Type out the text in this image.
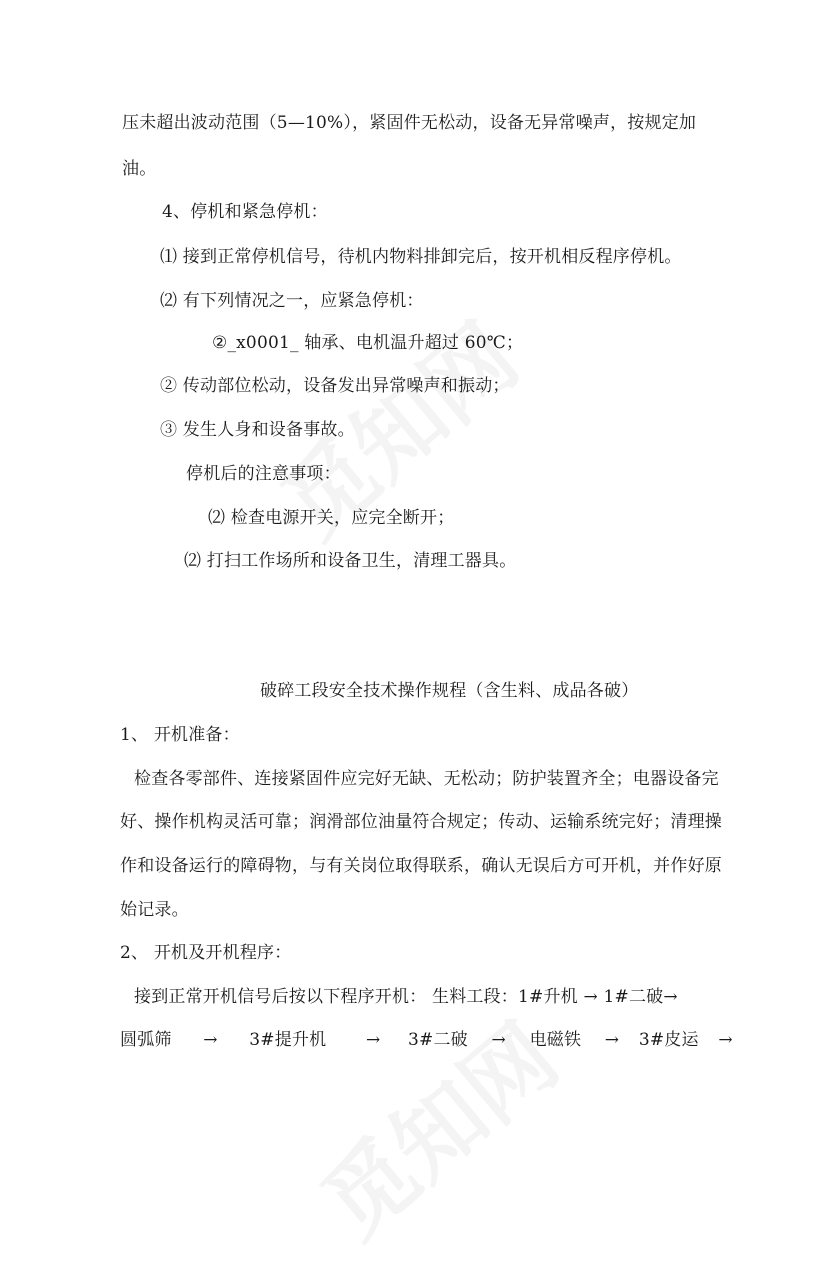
压未超出波动范围（5—10%），紧固件无松动，设备无异常噪声，按规定加
油。
4、停机和紧急停机：
⑴ 接到正常停机信号，待机内物料排卸完后，按开机相反程序停机。
⑵ 有下列情况之一，应紧急停机：
②_x0001_ 轴承、电机温升超过 60℃；
② 传动部位松动，设备发出异常噪声和振动；
③ 发生人身和设备事故。
停机后的注意事项：
⑵ 检查电源开关，应完全断开；
⑵ 打扫工作场所和设备卫生，清理工器具。
破碎工段安全技术操作规程（含生料、成品各破）
1、 开机准备：
检查各零部件、连接紧固件应完好无缺、无松动；防护装置齐全；电器设备完
好、操作机构灵活可靠；润滑部位油量符合规定；传动、运输系统完好；清理操
作和设备运行的障碍物，与有关岗位取得联系，确认无误后方可开机，并作好原
始记录。
2、 开机及开机程序：
接到正常开机信号后按以下程序开机： 生料工段：1#升机 → 1#二破→
圆弧筛 → 3#提升机 → 3#二破 → 电磁铁 → 3#皮运 →
